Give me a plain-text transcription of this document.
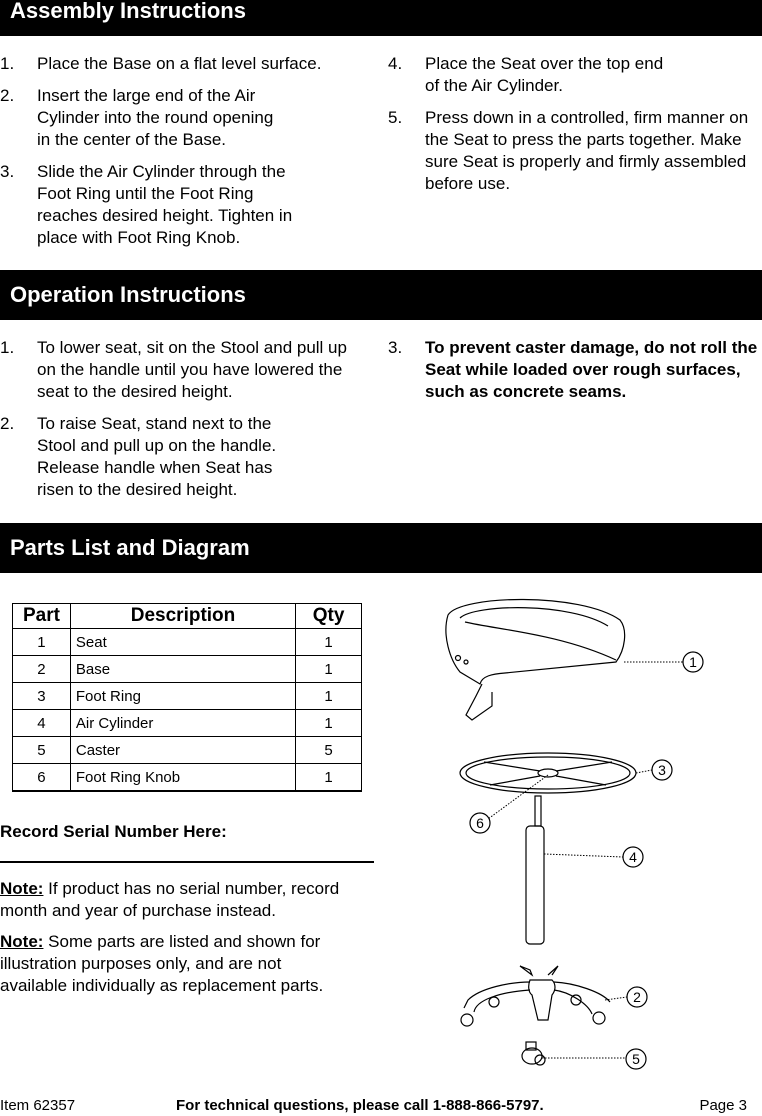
Assembly Instructions
1. Place the Base on a flat level surface.
2. Insert the large end of the Air Cylinder into the round opening in the center of the Base.
3. Slide the Air Cylinder through the Foot Ring until the Foot Ring reaches desired height. Tighten in place with Foot Ring Knob.
4. Place the Seat over the top end of the Air Cylinder.
5. Press down in a controlled, firm manner on the Seat to press the parts together. Make sure Seat is properly and firmly assembled before use.
Operation Instructions
1. To lower seat, sit on the Stool and pull up on the handle until you have lowered the seat to the desired height.
2. To raise Seat, stand next to the Stool and pull up on the handle. Release handle when Seat has risen to the desired height.
3. To prevent caster damage, do not roll the Seat while loaded over rough surfaces, such as concrete seams.
Parts List and Diagram
Part	Description	Qty
1	Seat	1
2	Base	1
3	Foot Ring	1
4	Air Cylinder	1
5	Caster	5
6	Foot Ring Knob	1
Record Serial Number Here:
Note: If product has no serial number, record month and year of purchase instead.
Note: Some parts are listed and shown for illustration purposes only, and are not available individually as replacement parts.
1
3
6
4
2
5
Item 62357	For technical questions, please call 1-888-866-5797.	Page 3
